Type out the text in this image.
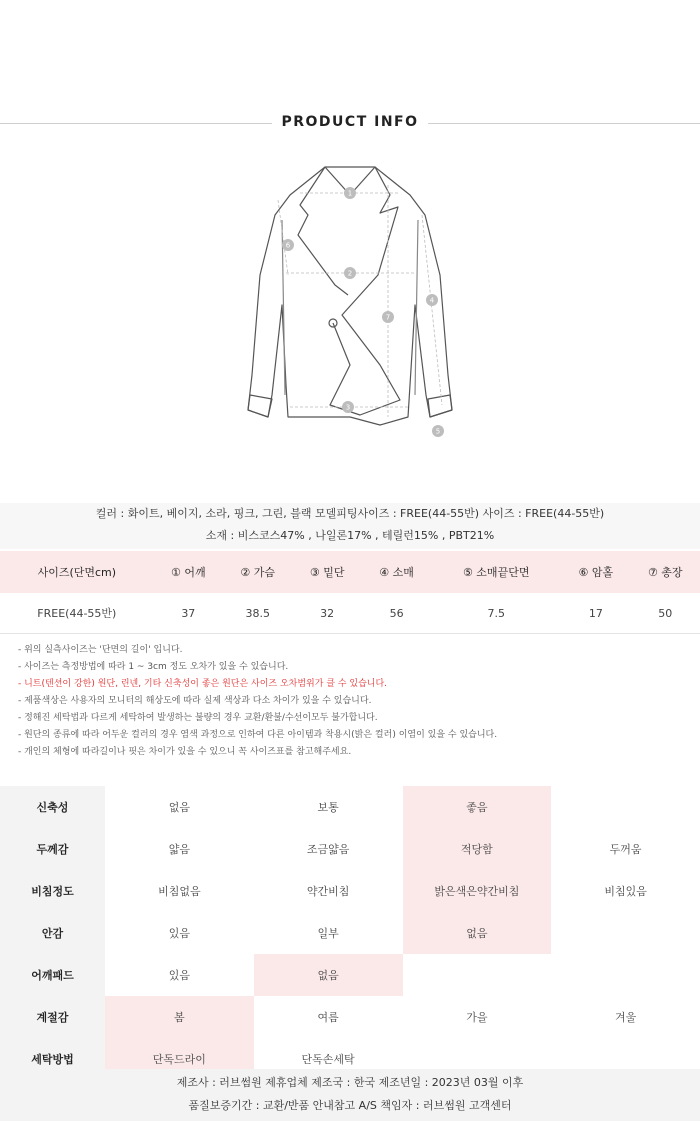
PRODUCT INFO
1
2
3
4
5
6
7
컬러 : 화이트, 베이지, 소라, 핑크, 그린, 블랙 모델피팅사이즈 : FREE(44-55반) 사이즈 : FREE(44-55반)
소재 : 비스코스47% , 나일론17% , 테릴런15% , PBT21%
사이즈(단면cm)	① 어깨	② 가슴	③ 밑단	④ 소매	⑤ 소매끝단면	⑥ 암홀	⑦ 총장
FREE(44-55반)	37	38.5	32	56	7.5	17	50
- 위의 실측사이즈는 '단면의 길이' 입니다.
- 사이즈는 측정방법에 따라 1 ~ 3cm 정도 오차가 있을 수 있습니다.
- 니트(텐션이 강한) 원단, 린넨, 기타 신축성이 좋은 원단은 사이즈 오차범위가 클 수 있습니다.
- 제품색상은 사용자의 모니터의 해상도에 따라 실제 색상과 다소 차이가 있을 수 있습니다.
- 정해진 세탁법과 다르게 세탁하여 발생하는 불량의 경우 교환/환불/수선이모두 불가합니다.
- 원단의 종류에 따라 어두운 컬러의 경우 염색 과정으로 인하여 다른 아이템과 착용시(밝은 컬러) 이염이 있을 수 있습니다.
- 개인의 체형에 따라길이나 핏은 차이가 있을 수 있으니 꼭 사이즈표를 참고해주세요.
신축성	없음	보통	좋음	
두께감	얇음	조금얇음	적당함	두꺼움
비침정도	비침없음	약간비침	밝은색은약간비침	비침있음
안감	있음	일부	없음	
어깨패드	있음	없음		
계절감	봄	여름	가을	겨울
세탁방법	단독드라이	단독손세탁		
제조사 : 러브썸원 제휴업체 제조국 : 한국 제조년일 : 2023년 03월 이후
품질보증기간 : 교환/반품 안내참고 A/S 책임자 : 러브썸원 고객센터
